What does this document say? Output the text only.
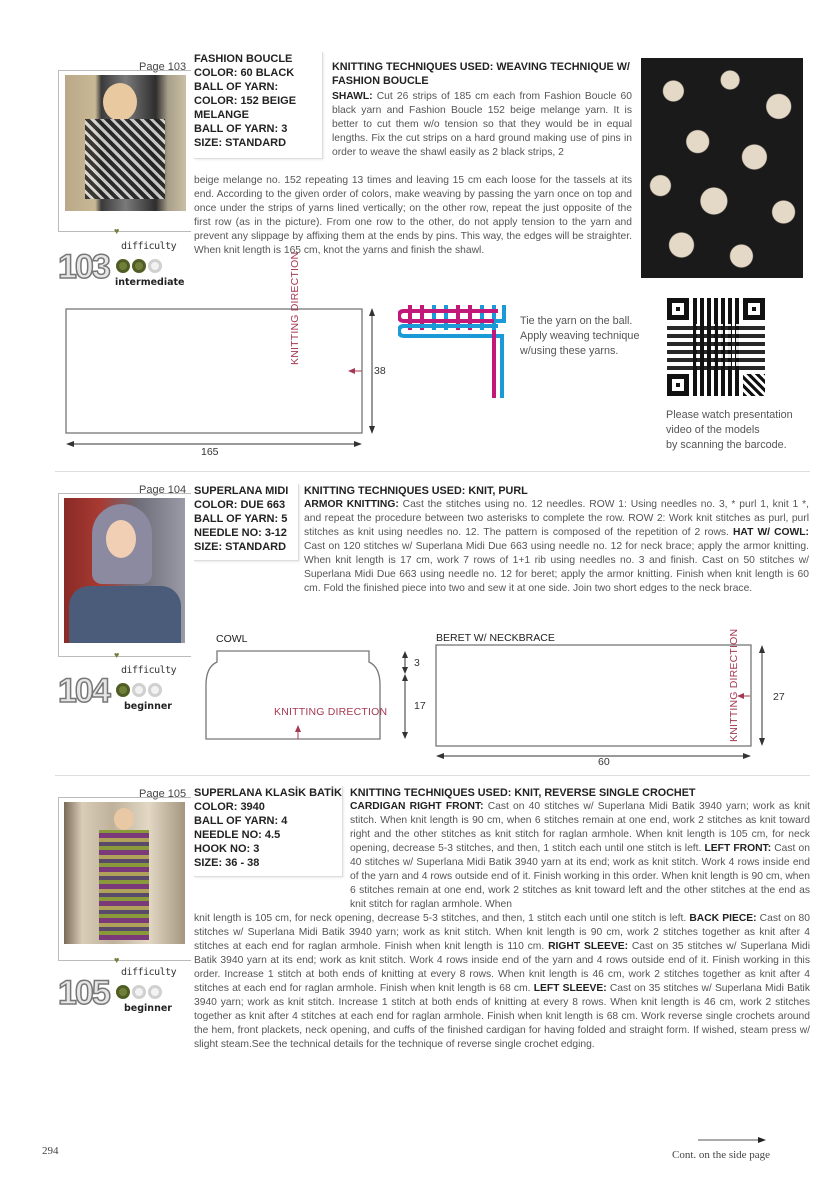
Page 103
♥
FASHION BOUCLE
COLOR: 60 BLACK
BALL OF YARN:
COLOR: 152 BEIGE
MELANGE
BALL OF YARN: 3
SIZE: STANDARD
103
difficulty
intermediate
KNITTING TECHNIQUES USED: WEAVING TECHNIQUE W/ FASHION BOUCLE
SHAWL: Cut 26 strips of 185 cm each from Fashion Boucle 60 black yarn and Fashion Boucle 152 beige melange yarn. It is better to cut them w/o tension so that they would be in equal lengths. Fix the cut strips on a hard ground making use of pins in order to weave the shawl easily as 2 black strips, 2
beige melange no. 152 repeating 13 times and leaving 15 cm each loose for the tassels at its end. According to the given order of colors, make weaving by passing the yarn once on top and once under the strips of yarns lined vertically; on the other row, repeat the just opposite of the first row (as in the picture). From one row to the other, do not apply tension to the yarn and prevent any slippage by affixing them at the ends by pins. This way, the edges will be straighter. When knit length is 165 cm, knot the yarns and finish the shawl.
KNITTING DIRECTION
38
165
Tie the yarn on the ball.
Apply weaving technique
w/using these yarns.
Please watch presentation
video of the models
by scanning the barcode.
Page 104
♥
SUPERLANA MIDI
COLOR: DUE 663
BALL OF YARN: 5
NEEDLE NO: 3-12
SIZE: STANDARD
104
difficulty
beginner
KNITTING TECHNIQUES USED: KNIT, PURL
ARMOR KNITTING: Cast the stitches using no. 12 needles. ROW 1: Using needles no. 3, * purl 1, knit 1 *, and repeat the procedure between two asterisks to complete the row. ROW 2: Work knit stitches as purl, purl stitches as knit using needles no. 12. The pattern is composed of the repetition of 2 rows. HAT W/ COWL: Cast on 120 stitches w/ Superlana Midi Due 663 using needle no. 12 for neck brace; apply the armor knitting. When knit length is 17 cm, work 7 rows of 1+1 rib using needles no. 3 and finish. Cast on 50 stitches w/ Superlana Midi Due 663 using needle no. 12 for beret; apply the armor knitting. Finish when knit length is 60 cm. Fold the finished piece into two and sew it at one side. Join two short edges to the neck brace.
COWL
KNITTING DIRECTION
3
17
BERET W/ NECKBRACE	KNITTING DIRECTION	27
60
Page 105
♥
SUPERLANA KLASİK BATİK
COLOR: 3940
BALL OF YARN: 4
NEEDLE NO: 4.5
HOOK NO: 3
SIZE: 36 - 38
105
difficulty
beginner
KNITTING TECHNIQUES USED: KNIT, REVERSE SINGLE CROCHET
CARDIGAN RIGHT FRONT: Cast on 40 stitches w/ Superlana Midi Batik 3940 yarn; work as knit stitch. When knit length is 90 cm, when 6 stitches remain at one end, work 2 stitches as knit toward right and the other stitches as knit stitch for raglan armhole. When knit length is 105 cm, for neck opening, decrease 5-3 stitches, and then, 1 stitch each until one stitch is left. LEFT FRONT: Cast on 40 stitches w/ Superlana Midi Batik 3940 yarn at its end; work as knit stitch. Work 4 rows inside end of the yarn and 4 rows outside end of it. Finish working in this order. When knit length is 90 cm, when 6 stitches remain at one end, work 2 stitches as knit toward left and the other stitches at the end as knit stitch for raglan armhole. When
knit length is 105 cm, for neck opening, decrease 5-3 stitches, and then, 1 stitch each until one stitch is left. BACK PIECE: Cast on 80 stitches w/ Superlana Midi Batik 3940 yarn; work as knit stitch. When knit length is 90 cm, work 2 stitches together as knit after 4 stitches at each end for raglan armhole. Finish when knit length is 110 cm. RIGHT SLEEVE: Cast on 35 stitches w/ Superlana Midi Batik 3940 yarn at its end; work as knit stitch. Work 4 rows inside end of the yarn and 4 rows outside end of it. Finish working in this order. Increase 1 stitch at both ends of knitting at every 8 rows. When knit length is 46 cm, work 2 stitches together as knit after 4 stitches at each end for raglan armhole. Finish when knit length is 68 cm. LEFT SLEEVE: Cast on 35 stitches w/ Superlana Midi Batik 3940 yarn; work as knit stitch. Increase 1 stitch at both ends of knitting at every 8 rows. When knit length is 46 cm, work 2 stitches together as knit after 4 stitches at each end for raglan armhole. Finish when knit length is 68 cm. Work reverse single crochets around the hem, front plackets, neck opening, and cuffs of the finished cardigan for having folded and straight form. If wished, steam press w/ slight steam.See the technical details for the technique of reverse single crochet edging.
294	Cont. on the side page
